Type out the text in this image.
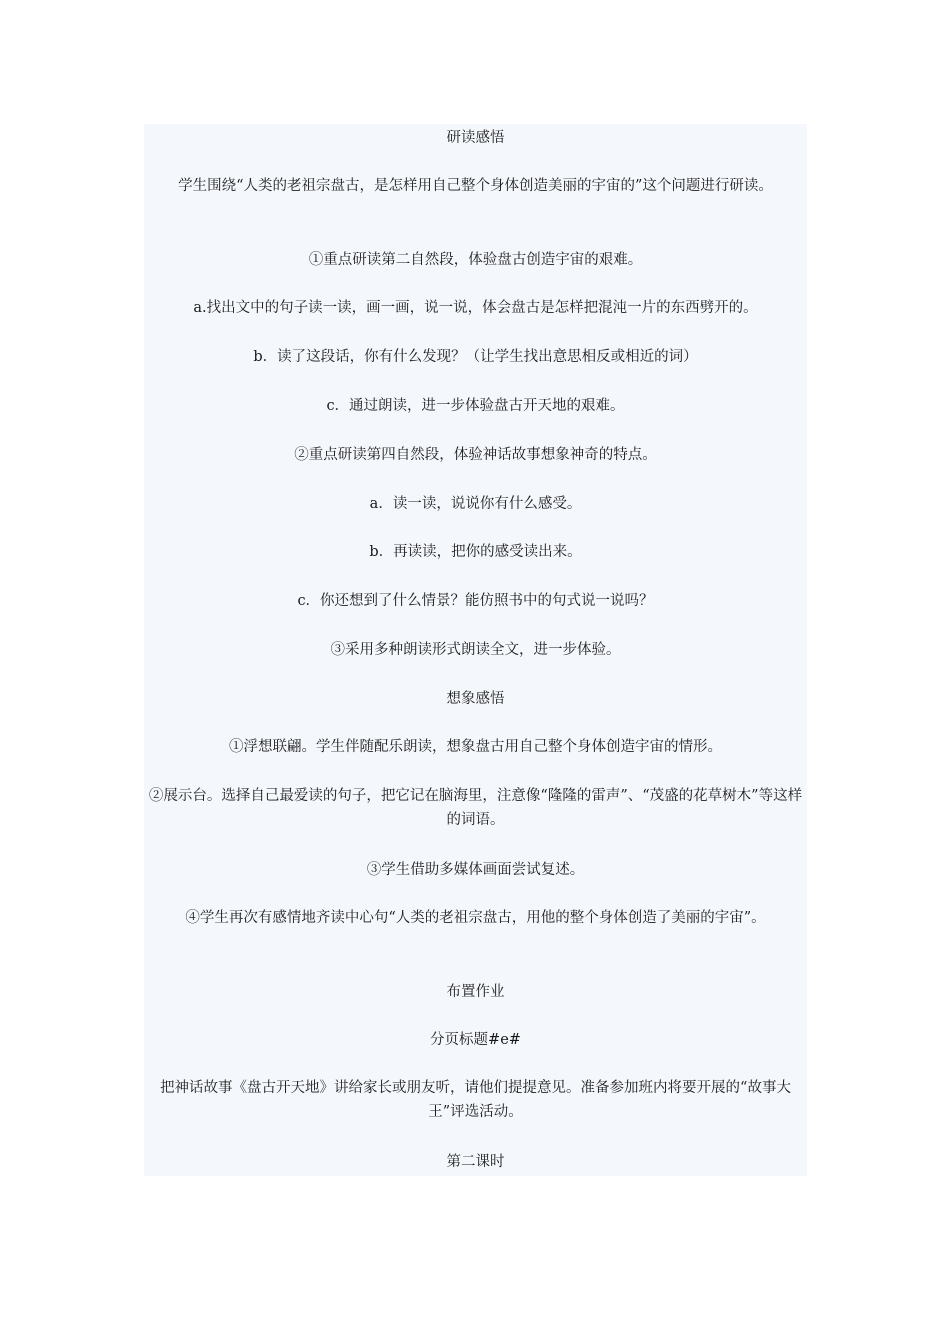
研读感悟
学生围绕“人类的老祖宗盘古，是怎样用自己整个身体创造美丽的宇宙的”这个问题进行研读。
①重点研读第二自然段，体验盘古创造宇宙的艰难。
a.找出文中的句子读一读，画一画，说一说，体会盘古是怎样把混沌一片的东西劈开的。
b．读了这段话，你有什么发现？（让学生找出意思相反或相近的词）
c．通过朗读，进一步体验盘古开天地的艰难。
②重点研读第四自然段，体验神话故事想象神奇的特点。
a．读一读，说说你有什么感受。
b．再读读，把你的感受读出来。
c．你还想到了什么情景？能仿照书中的句式说一说吗？
③采用多种朗读形式朗读全文，进一步体验。
想象感悟
①浮想联翩。学生伴随配乐朗读，想象盘古用自己整个身体创造宇宙的情形。
②展示台。选择自己最爱读的句子，把它记在脑海里，注意像“隆隆的雷声”、“茂盛的花草树木”等这样的词语。
③学生借助多媒体画面尝试复述。
④学生再次有感情地齐读中心句“人类的老祖宗盘古，用他的整个身体创造了美丽的宇宙”。
布置作业
分页标题#e#
把神话故事《盘古开天地》讲给家长或朋友听，请他们提提意见。准备参加班内将要开展的“故事大王”评选活动。
第二课时
